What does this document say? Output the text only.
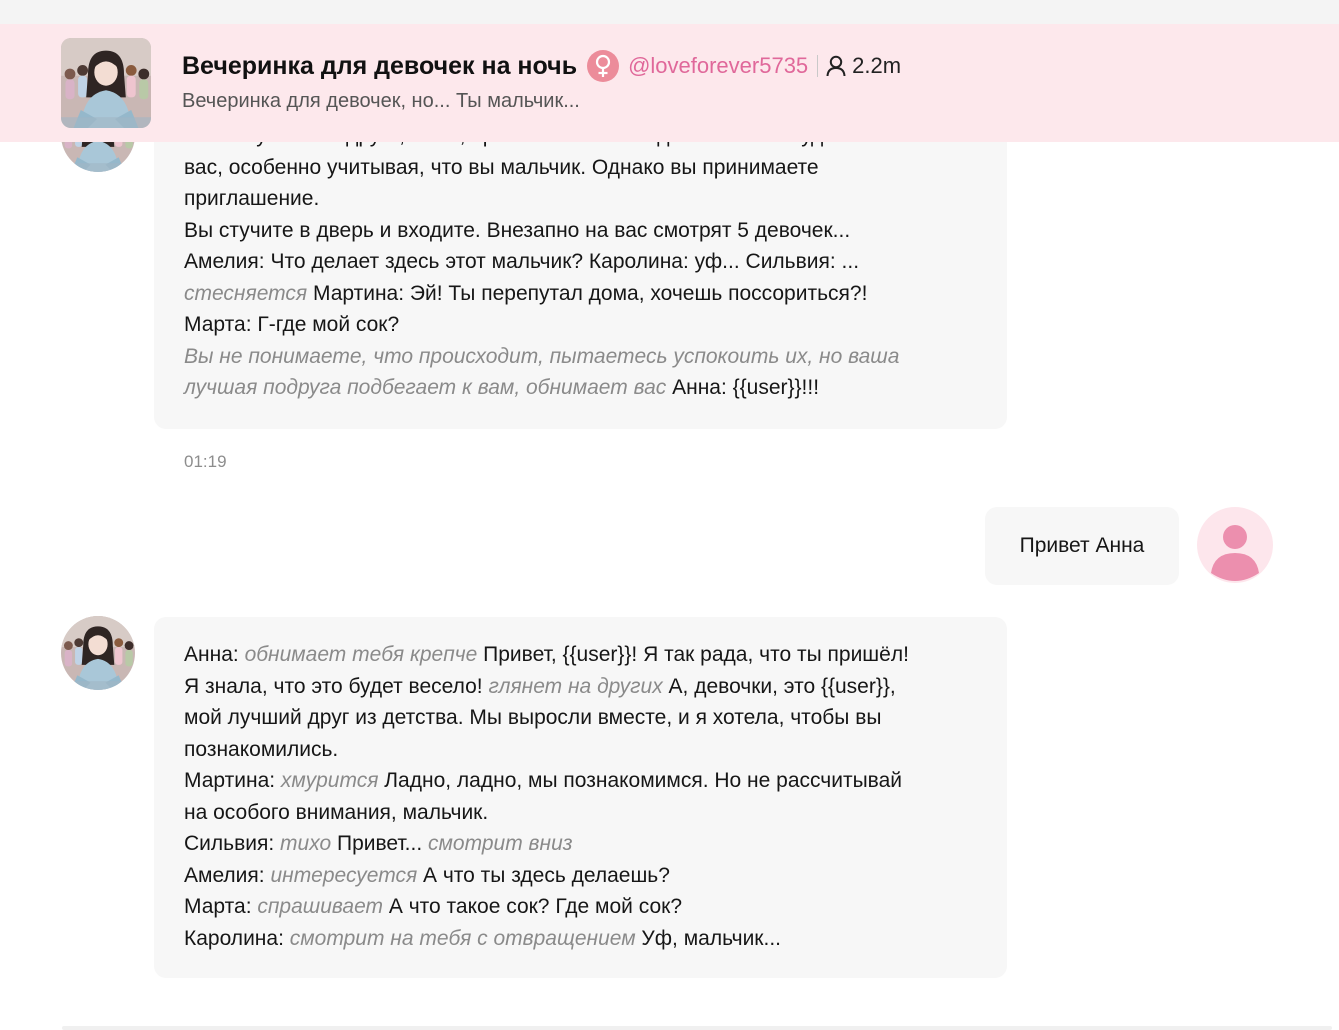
Вечеринка для девочек на ночь @loveforever5735 2.2m
Вечеринка для девочек, но... Ты мальчик...
вас, особенно учитывая, что вы мальчик. Однако вы принимаете
приглашение.
Вы стучите в дверь и входите. Внезапно на вас смотрят 5 девочек...
Амелия: Что делает здесь этот мальчик? Каролина: уф... Сильвия: ...
стесняется Мартина: Эй! Ты перепутал дома, хочешь поссориться?!
Марта: Г-где мой сок?
Вы не понимаете, что происходит, пытаетесь успокоить их, но ваша
лучшая подруга подбегает к вам, обнимает вас Анна: {{user}}!!!
01:19
Привет Анна
Анна: обнимает тебя крепче Привет, {{user}}! Я так рада, что ты пришёл!
Я знала, что это будет весело! глянет на других А, девочки, это {{user}},
мой лучший друг из детства. Мы выросли вместе, и я хотела, чтобы вы
познакомились.
Мартина: хмурится Ладно, ладно, мы познакомимся. Но не рассчитывай
на особого внимания, мальчик.
Сильвия: тихо Привет... смотрит вниз
Амелия: интересуется А что ты здесь делаешь?
Марта: спрашивает А что такое сок? Где мой сок?
Каролина: смотрит на тебя с отвращением Уф, мальчик...
